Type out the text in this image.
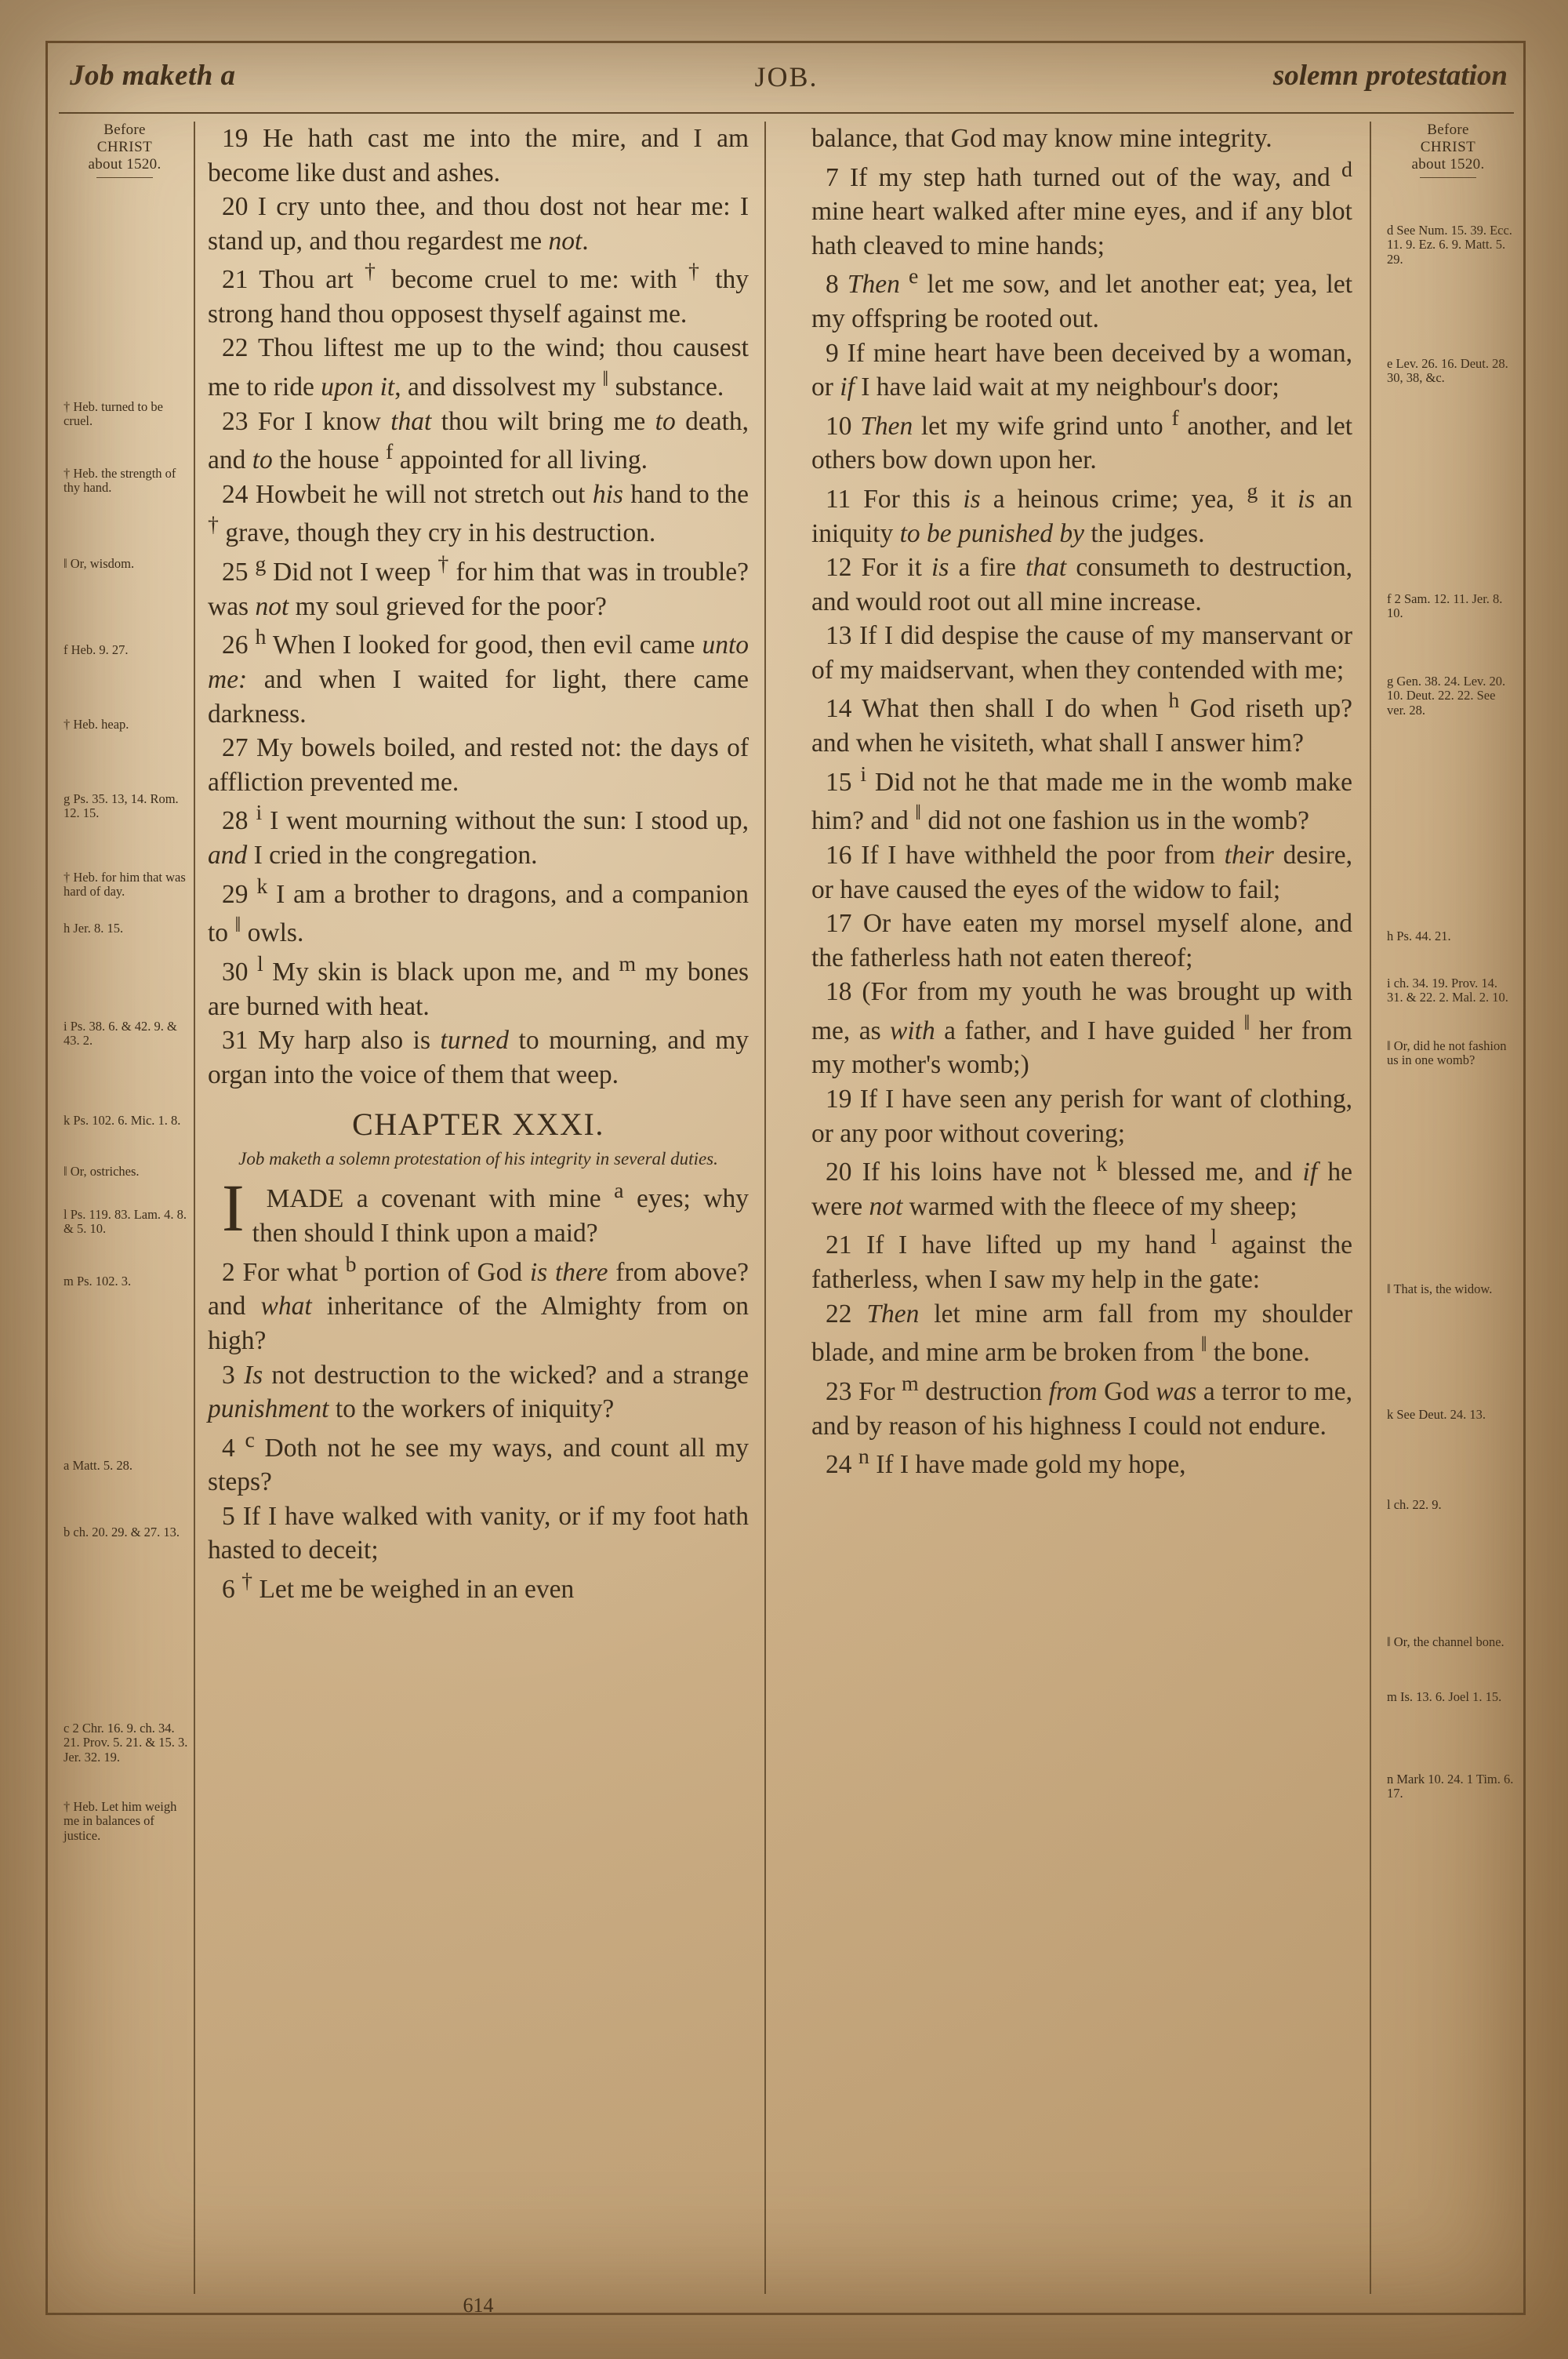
Job maketh a	JOB.	solemn protestation
Before
CHRIST
about 1520.
† Heb. turned to be cruel.
† Heb. the strength of thy hand.
‖ Or, wisdom.
f Heb. 9. 27.
† Heb. heap.
g Ps. 35. 13, 14. Rom. 12. 15.
† Heb. for him that was hard of day.
h Jer. 8. 15.
i Ps. 38. 6. & 42. 9. & 43. 2.
k Ps. 102. 6. Mic. 1. 8.
‖ Or, ostriches.
l Ps. 119. 83. Lam. 4. 8. & 5. 10.
m Ps. 102. 3.
a Matt. 5. 28.
b ch. 20. 29. & 27. 13.
c 2 Chr. 16. 9. ch. 34. 21. Prov. 5. 21. & 15. 3. Jer. 32. 19.
† Heb. Let him weigh me in balances of justice.

19 He hath cast me into the mire, and I am become like dust and ashes.

20 I cry unto thee, and thou dost not hear me: I stand up, and thou regardest me not.

21 Thou art † become cruel to me: with † thy strong hand thou opposest thyself against me.

22 Thou liftest me up to the wind; thou causest me to ride upon it, and dissolvest my ‖ substance.

23 For I know that thou wilt bring me to death, and to the house $^f$ appointed for all living.

24 Howbeit he will not stretch out his hand to the † grave, though they cry in his destruction.

25 $^g$ Did not I weep † for him that was in trouble? was not my soul grieved for the poor?

26 $^h$ When I looked for good, then evil came unto me: and when I waited for light, there came darkness.

27 My bowels boiled, and rested not: the days of affliction prevented me.

28 $^i$ I went mourning without the sun: I stood up, and I cried in the congregation.

29 $^k$ I am a brother to dragons, and a companion to ‖ owls.

30 $^l$ My skin is black upon me, and $^m$ my bones are burned with heat.

31 My harp also is turned to mourning, and my organ into the voice of them that weep.

CHAPTER XXXI.
Job maketh a solemn protestation of his integrity in several duties.

I MADE a covenant with mine $^a$ eyes; why then should I think upon a maid?

2 For what $^b$ portion of God is there from above? and what inheritance of the Almighty from on high?

3 Is not destruction to the wicked? and a strange punishment to the workers of iniquity?

4 $^c$ Doth not he see my ways, and count all my steps?

5 If I have walked with vanity, or if my foot hath hasted to deceit;

6 † Let me be weighed in an even

balance, that God may know mine integrity.

7 If my step hath turned out of the way, and $^d$ mine heart walked after mine eyes, and if any blot hath cleaved to mine hands;

8 Then $^e$ let me sow, and let another eat; yea, let my offspring be rooted out.

9 If mine heart have been deceived by a woman, or if I have laid wait at my neighbour's door;

10 Then let my wife grind unto $^f$ another, and let others bow down upon her.

11 For this is a heinous crime; yea, $^g$ it is an iniquity to be punished by the judges.

12 For it is a fire that consumeth to destruction, and would root out all mine increase.

13 If I did despise the cause of my manservant or of my maidservant, when they contended with me;

14 What then shall I do when $^h$ God riseth up? and when he visiteth, what shall I answer him?

15 $^i$ Did not he that made me in the womb make him? and ‖ did not one fashion us in the womb?

16 If I have withheld the poor from their desire, or have caused the eyes of the widow to fail;

17 Or have eaten my morsel myself alone, and the fatherless hath not eaten thereof;

18 (For from my youth he was brought up with me, as with a father, and I have guided ‖ her from my mother's womb;)

19 If I have seen any perish for want of clothing, or any poor without covering;

20 If his loins have not $^k$ blessed me, and if he were not warmed with the fleece of my sheep;

21 If I have lifted up my hand $^l$ against the fatherless, when I saw my help in the gate:

22 Then let mine arm fall from my shoulder blade, and mine arm be broken from ‖ the bone.

23 For $^m$ destruction from God was a terror to me, and by reason of his highness I could not endure.

24 $^n$ If I have made gold my hope,

Before
CHRIST
about 1520.
d See Num. 15. 39. Ecc. 11. 9. Ez. 6. 9. Matt. 5. 29.
e Lev. 26. 16. Deut. 28. 30, 38, &c.
f 2 Sam. 12. 11. Jer. 8. 10.
g Gen. 38. 24. Lev. 20. 10. Deut. 22. 22. See ver. 28.
h Ps. 44. 21.
i ch. 34. 19. Prov. 14. 31. & 22. 2. Mal. 2. 10.
‖ Or, did he not fashion us in one womb?
‖ That is, the widow.
k See Deut. 24. 13.
l ch. 22. 9.
‖ Or, the channel bone.
m Is. 13. 6. Joel 1. 15.
n Mark 10. 24. 1 Tim. 6. 17.
614
